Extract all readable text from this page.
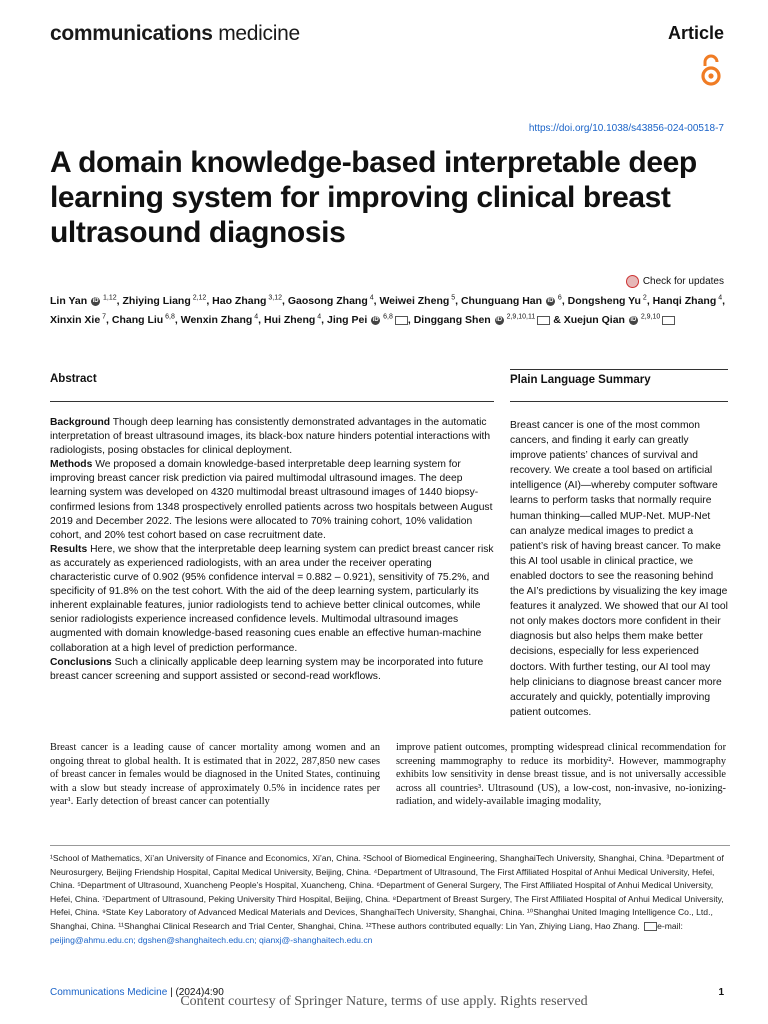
communications medicine	Article
https://doi.org/10.1038/s43856-024-00518-7
A domain knowledge-based interpretable deep learning system for improving clinical breast ultrasound diagnosis
Check for updates
Lin Yan iD $^{1,12}$, Zhiying Liang $^{2,12}$, Hao Zhang $^{3,12}$, Gaosong Zhang $^4$, Weiwei Zheng $^5$, Chunguang Han iD $^6$, Dongsheng Yu $^2$, Hanqi Zhang $^4$, Xinxin Xie $^7$, Chang Liu $^{6,8}$, Wenxin Zhang $^4$, Hui Zheng $^4$, Jing Pei iD $^{6,8}$ , Dinggang Shen iD $^{2,9,10,11}$ & Xuejun Qian iD $^{2,9,10}$
Abstract

Background Though deep learning has consistently demonstrated advantages in the automatic interpretation of breast ultrasound images, its black-box nature hinders potential interactions with radiologists, posing obstacles for clinical deployment.

Methods We proposed a domain knowledge-based interpretable deep learning system for improving breast cancer risk prediction via paired multimodal ultrasound images. The deep learning system was developed on 4320 multimodal breast ultrasound images of 1440 biopsy-confirmed lesions from 1348 prospectively enrolled patients across two hospitals between August 2019 and December 2022. The lesions were allocated to 70% training cohort, 10% validation cohort, and 20% test cohort based on case recruitment date.

Results Here, we show that the interpretable deep learning system can predict breast cancer risk as accurately as experienced radiologists, with an area under the receiver operating characteristic curve of 0.902 (95% confidence interval = 0.882 – 0.921), sensitivity of 75.2%, and specificity of 91.8% on the test cohort. With the aid of the deep learning system, particularly its inherent explainable features, junior radiologists tend to achieve better clinical outcomes, while senior radiologists experience increased confidence levels. Multimodal ultrasound images augmented with domain knowledge-based reasoning cues enable an effective human-machine collaboration at a high level of prediction performance.

Conclusions Such a clinically applicable deep learning system may be incorporated into future breast cancer screening and support assisted or second-read workflows.

Plain Language Summary

Breast cancer is one of the most common cancers, and finding it early can greatly improve patients’ chances of survival and recovery. We create a tool based on artificial intelligence (AI)—whereby computer software learns to perform tasks that normally require human thinking—called MUP-Net. MUP-Net can analyze medical images to predict a patient’s risk of having breast cancer. To make this AI tool usable in clinical practice, we enabled doctors to see the reasoning behind the AI’s predictions by visualizing the key image features it analyzed. We showed that our AI tool not only makes doctors more confident in their diagnosis but also helps them make better decisions, especially for less experienced doctors. With further testing, our AI tool may help clinicians to diagnose breast cancer more accurately and quickly, potentially improving patient outcomes.

Breast cancer is a leading cause of cancer mortality among women and an ongoing threat to global health. It is estimated that in 2022, 287,850 new cases of breast cancer in females would be diagnosed in the United States, continuing with a slow but steady increase of approximately 0.5% in incidence rates per year¹. Early detection of breast cancer can potentially

improve patient outcomes, prompting widespread clinical recommendation for screening mammography to reduce its morbidity². However, mammography exhibits low sensitivity in dense breast tissue, and is not universally accessible across all countries³. Ultrasound (US), a low-cost, non-invasive, no-ionizing-radiation, and widely-available imaging modality,

¹School of Mathematics, Xi’an University of Finance and Economics, Xi’an, China. ²School of Biomedical Engineering, ShanghaiTech University, Shanghai, China. ³Department of Neurosurgery, Beijing Friendship Hospital, Capital Medical University, Beijing, China. ⁴Department of Ultrasound, The First Affiliated Hospital of Anhui Medical University, Hefei, China. ⁵Department of Ultrasound, Xuancheng People’s Hospital, Xuancheng, China. ⁶Department of General Surgery, The First Affiliated Hospital of Anhui Medical University, Hefei, China. ⁷Department of Ultrasound, Peking University Third Hospital, Beijing, China. ⁸Department of Breast Surgery, The First Affiliated Hospital of Anhui Medical University, Hefei, China. ⁹State Key Laboratory of Advanced Medical Materials and Devices, ShanghaiTech University, Shanghai, China. ¹⁰Shanghai United Imaging Intelligence Co., Ltd., Shanghai, China. ¹¹Shanghai Clinical Research and Trial Center, Shanghai, China. ¹²These authors contributed equally: Lin Yan, Zhiying Liang, Hao Zhang. e-mail: peijing@ahmu.edu.cn; dgshen@shanghaitech.edu.cn; qianxj@-shanghaitech.edu.cn

Communications Medicine | (2024)4:90	1
Content courtesy of Springer Nature, terms of use apply. Rights reserved
